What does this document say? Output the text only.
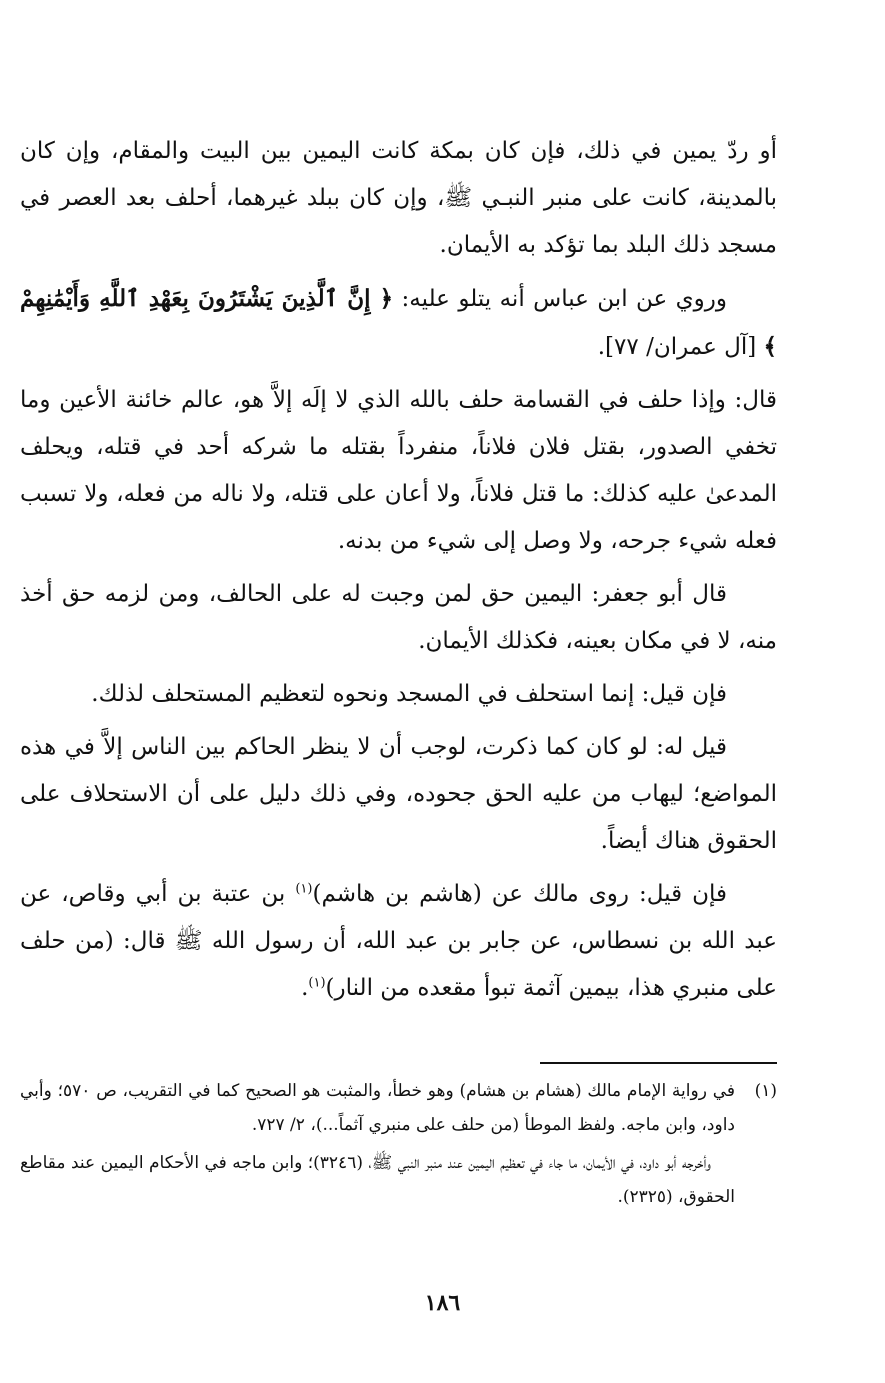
أو ردّ يمين في ذلك، فإن كان بمكة كانت اليمين بين البيت والمقام، وإن كان بالمدينة، كانت على منبر النبـي ﷺ، وإن كان ببلد غيرهما، أحلف بعد العصر في مسجد ذلك البلد بما تؤكد به الأيمان.

وروي عن ابن عباس أنه يتلو عليه: ﴿ إِنَّ ٱلَّذِينَ يَشْتَرُونَ بِعَهْدِ ٱللَّهِ وَأَيْمَٰنِهِمْ ﴾ [آل عمران/ ٧٧].

قال: وإذا حلف في القسامة حلف بالله الذي لا إلَه إلاَّ هو، عالم خائنة الأعين وما تخفي الصدور، بقتل فلان فلاناً، منفرداً بقتله ما شركه أحد في قتله، ويحلف المدعىٰ عليه كذلك: ما قتل فلاناً، ولا أعان على قتله، ولا ناله من فعله، ولا تسبب فعله شيء جرحه، ولا وصل إلى شيء من بدنه.

قال أبو جعفر: اليمين حق لمن وجبت له على الحالف، ومن لزمه حق أخذ منه، لا في مكان بعينه، فكذلك الأيمان.

فإن قيل: إنما استحلف في المسجد ونحوه لتعظيم المستحلف لذلك.

قيل له: لو كان كما ذكرت، لوجب أن لا ينظر الحاكم بين الناس إلاَّ في هذه المواضع؛ ليهاب من عليه الحق جحوده، وفي ذلك دليل على أن الاستحلاف على الحقوق هناك أيضاً.

فإن قيل: روى مالك عن (هاشم بن هاشم)$^{(١)}$ بن عتبة بن أبي وقاص، عن عبد الله بن نسطاس، عن جابر بن عبد الله، أن رسول الله ﷺ قال: (من حلف على منبري هذا، بيمين آثمة تبوأ مقعده من النار)$^{(١)}$.

(١)
في رواية الإمام مالك (هشام بن هشام) وهو خطأ، والمثبت هو الصحيح كما في التقريب، ص ٥٧٠؛ وأبي داود، وابن ماجه. ولفظ الموطأ (من حلف على منبري آثماً...)، ٢/ ٧٢٧.
وأخرجه أبو داود، في الأيمان، ما جاء في تعظيم اليمين عند منبر النبي ﷺ، (٣٢٤٦)؛ وابن ماجه في الأحكام اليمين عند مقاطع الحقوق، (٢٣٢٥).
١٨٦
